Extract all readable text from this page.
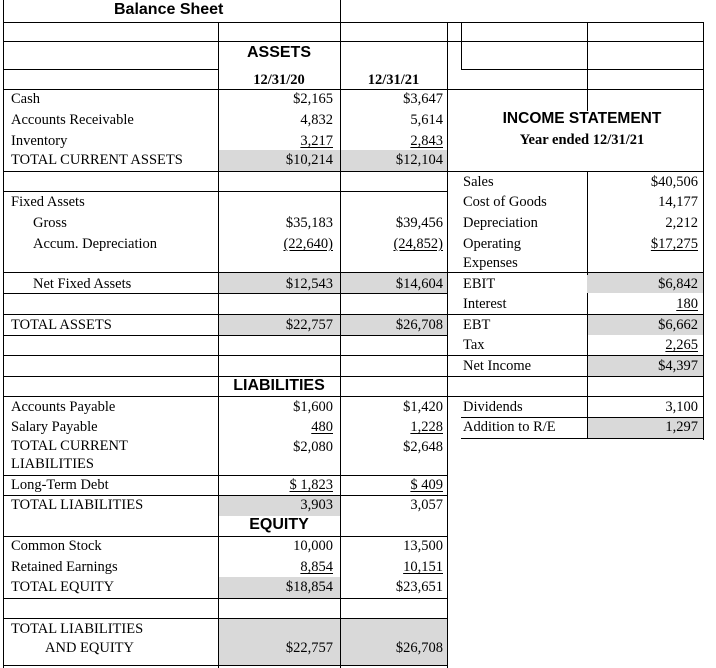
Balance Sheet
ASSETS
12/31/20	12/31/21
Cash	$2,165	$3,647
Accounts Receivable	4,832	5,614
Inventory	3,217	2,843
TOTAL CURRENT ASSETS	$10,214	$12,104
Fixed Assets
Gross	$35,183	$39,456
Accum. Depreciation	(22,640)	(24,852)
Net Fixed Assets	$12,543	$14,604
TOTAL ASSETS	$22,757	$26,708
LIABILITIES
Accounts Payable	$1,600	$1,420
Salary Payable	480	1,228
TOTAL CURRENT
LIABILITIES
$2,080	$2,648
Long-Term Debt	$ 1,823	$ 409
TOTAL LIABILITIES	3,903	3,057
EQUITY
Common Stock	10,000	13,500
Retained Earnings	8,854	10,151
TOTAL EQUITY	$18,854	$23,651
TOTAL LIABILITIES
AND EQUITY	$22,757	$26,708
INCOME STATEMENT
Year ended 12/31/21
Sales	$40,506
Cost of Goods	14,177
Depreciation	2,212
Operating
Expenses
$17,275
EBIT	$6,842
Interest	180
EBT	$6,662
Tax	2,265
Net Income	$4,397
Dividends	3,100
Addition to R/E	1,297
